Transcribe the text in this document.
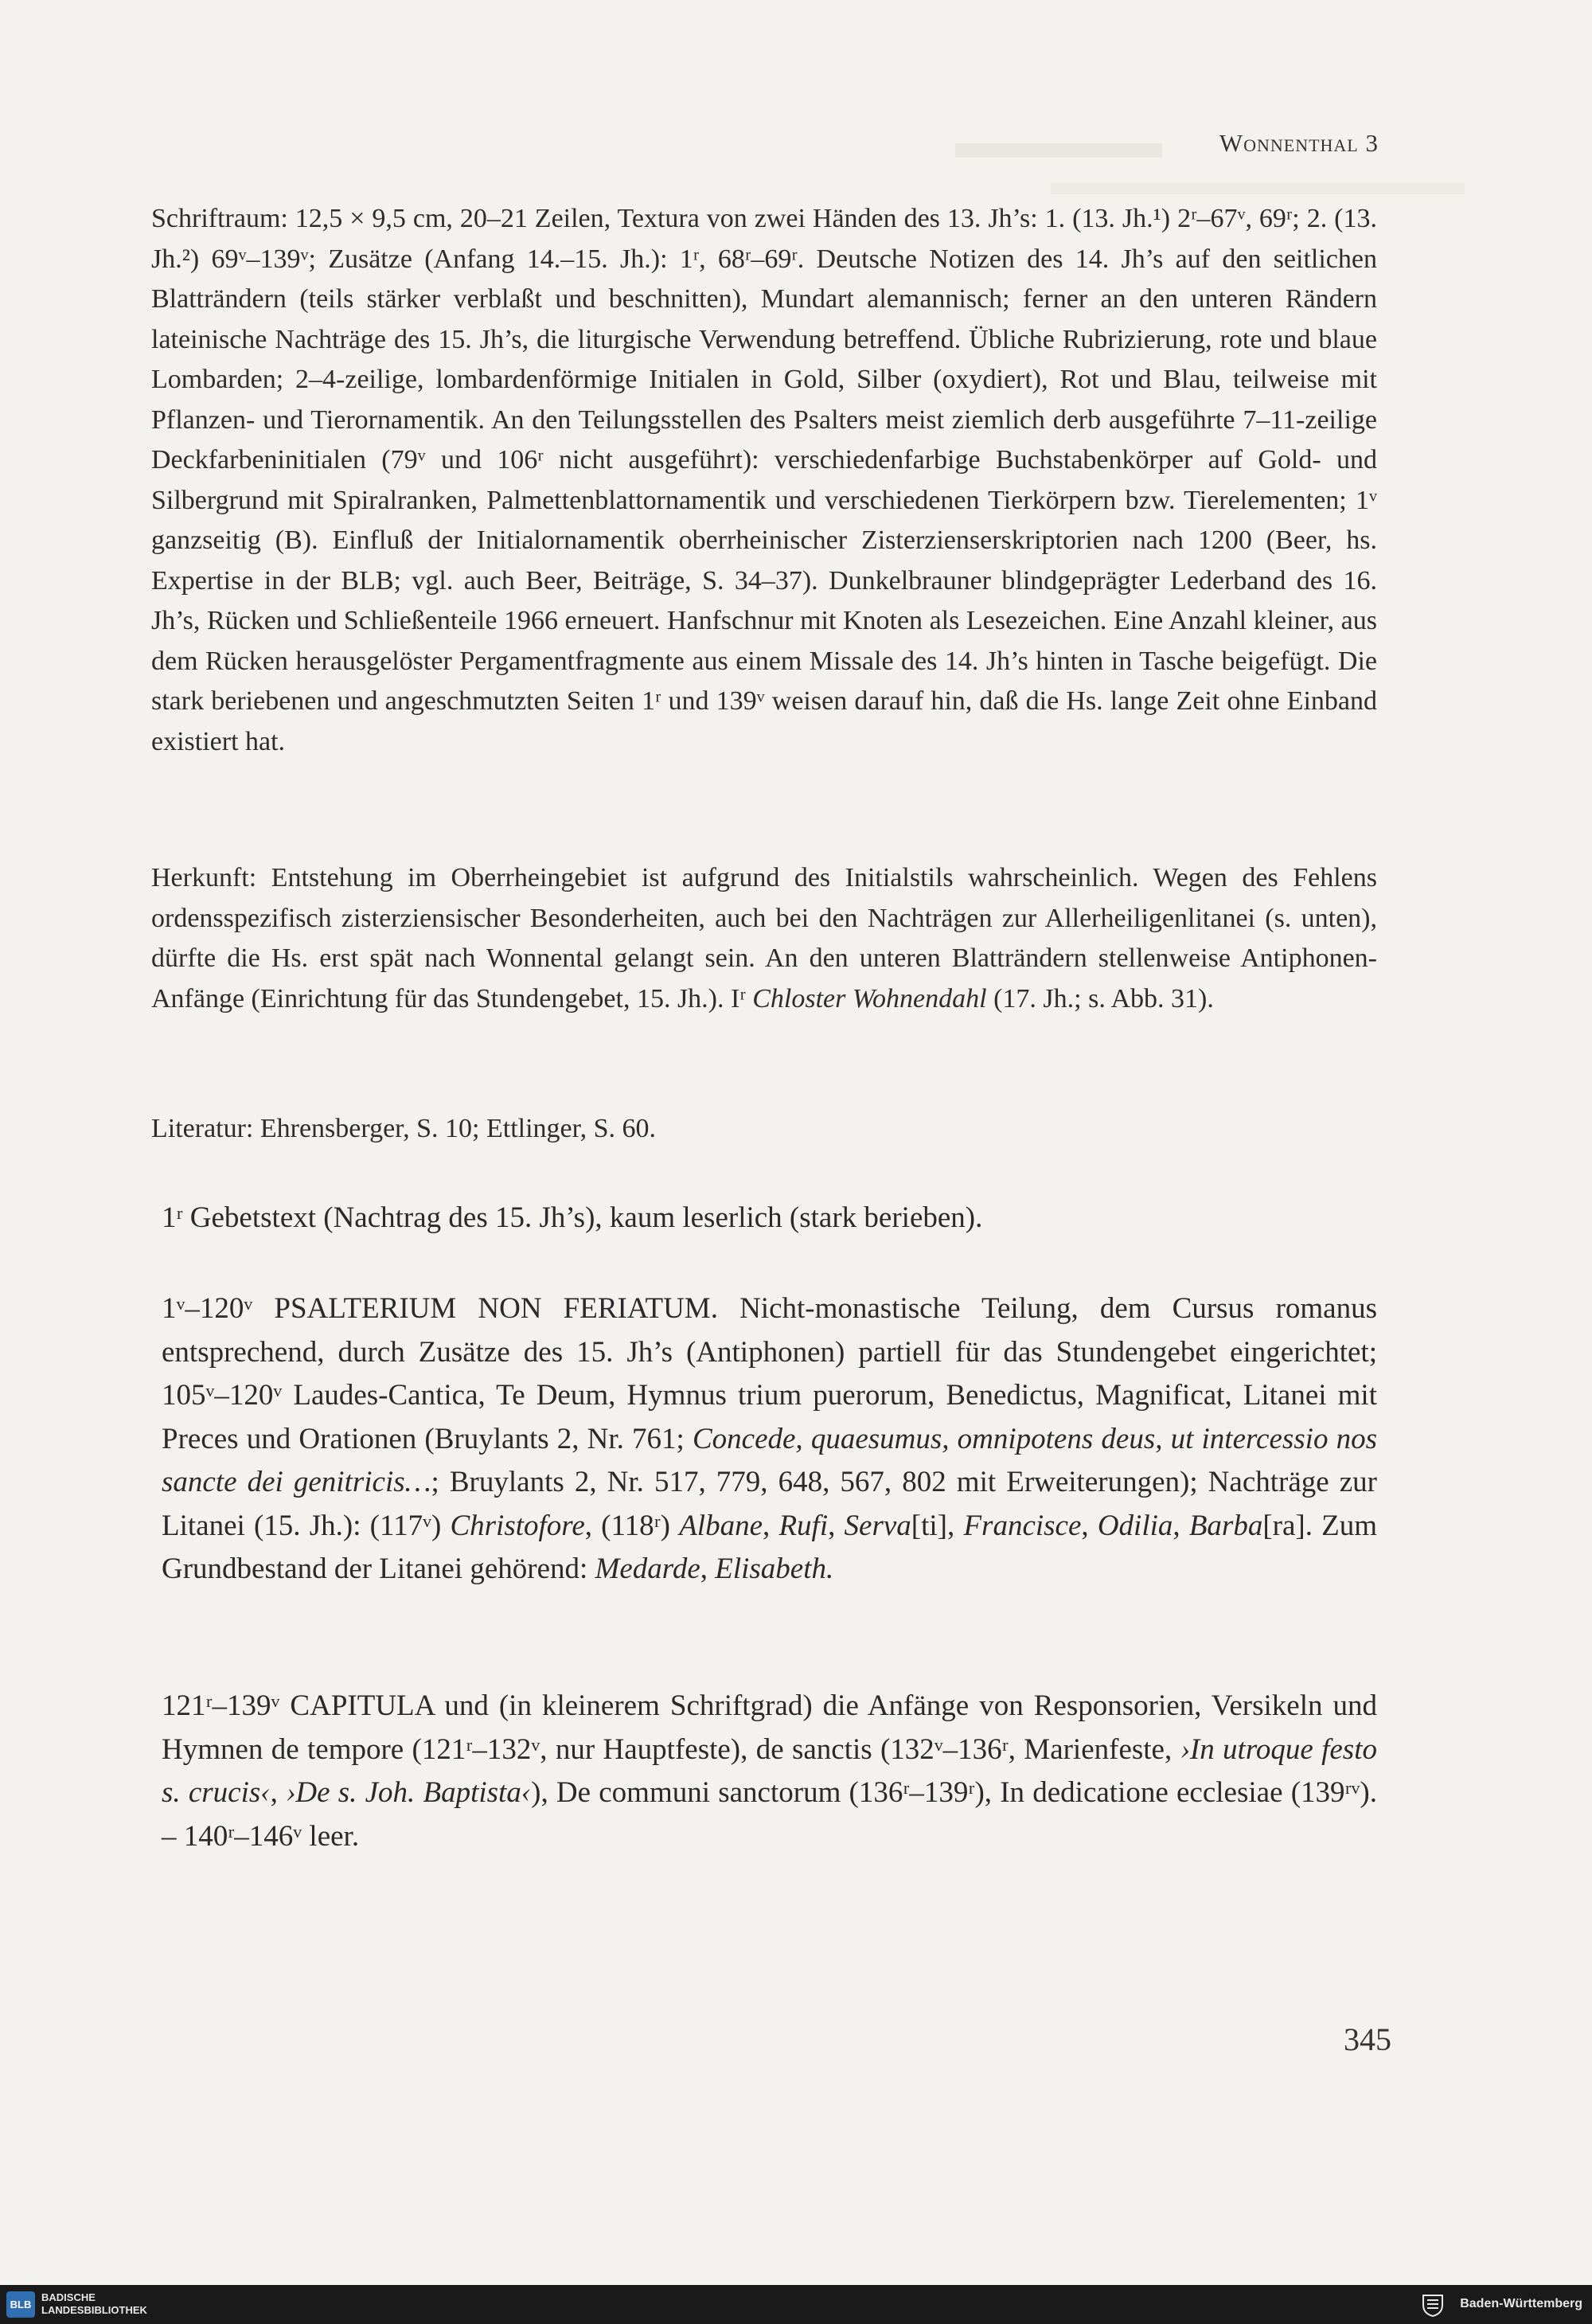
Wonnenthal 3

Schriftraum: 12,5 × 9,5 cm, 20–21 Zeilen, Textura von zwei Händen des 13. Jh’s: 1. (13. Jh.¹) 2ʳ–67ᵛ, 69ʳ; 2. (13. Jh.²) 69ᵛ–139ᵛ; Zusätze (Anfang 14.–15. Jh.): 1ʳ, 68ʳ–69ʳ. Deutsche Notizen des 14. Jh’s auf den seitlichen Blatträndern (teils stärker verblaßt und beschnitten), Mundart alemannisch; ferner an den unteren Rändern lateinische Nachträge des 15. Jh’s, die liturgische Verwendung betreffend. Übliche Rubrizierung, rote und blaue Lombarden; 2–4-zeilige, lombardenförmige Initialen in Gold, Silber (oxydiert), Rot und Blau, teilweise mit Pflanzen- und Tierornamentik. An den Teilungsstellen des Psalters meist ziemlich derb ausgeführte 7–11-zeilige Deckfarbeninitialen (79ᵛ und 106ʳ nicht ausgeführt): verschiedenfarbige Buchstabenkörper auf Gold- und Silbergrund mit Spiralranken, Palmettenblattornamentik und verschiedenen Tierkörpern bzw. Tierelementen; 1ᵛ ganzseitig (B). Einfluß der Initialornamentik oberrheinischer Zisterzienserskriptorien nach 1200 (Beer, hs. Expertise in der BLB; vgl. auch Beer, Beiträge, S. 34–37). Dunkelbrauner blindgeprägter Lederband des 16. Jh’s, Rücken und Schließenteile 1966 erneuert. Hanfschnur mit Knoten als Lesezeichen. Eine Anzahl kleiner, aus dem Rücken herausgelöster Pergamentfragmente aus einem Missale des 14. Jh’s hinten in Tasche beigefügt. Die stark beriebenen und angeschmutzten Seiten 1ʳ und 139ᵛ weisen darauf hin, daß die Hs. lange Zeit ohne Einband existiert hat.

Herkunft: Entstehung im Oberrheingebiet ist aufgrund des Initialstils wahrscheinlich. Wegen des Fehlens ordensspezifisch zisterziensischer Besonderheiten, auch bei den Nachträgen zur Allerheiligenlitanei (s. unten), dürfte die Hs. erst spät nach Wonnental gelangt sein. An den unteren Blatträndern stellenweise Antiphonen-Anfänge (Einrichtung für das Stundengebet, 15. Jh.). Iʳ Chloster Wohnendahl (17. Jh.; s. Abb. 31).

Literatur: Ehrensberger, S. 10; Ettlinger, S. 60.

1ʳ Gebetstext (Nachtrag des 15. Jh’s), kaum leserlich (stark berieben).

1ᵛ–120ᵛ PSALTERIUM NON FERIATUM. Nicht-monastische Teilung, dem Cursus romanus entsprechend, durch Zusätze des 15. Jh’s (Antiphonen) partiell für das Stundengebet eingerichtet; 105ᵛ–120ᵛ Laudes-Cantica, Te Deum, Hymnus trium puerorum, Benedictus, Magnificat, Litanei mit Preces und Orationen (Bruylants 2, Nr. 761; Concede, quaesumus, omnipotens deus, ut intercessio nos sancte dei genitricis…; Bruylants 2, Nr. 517, 779, 648, 567, 802 mit Erweiterungen); Nachträge zur Litanei (15. Jh.): (117ᵛ) Christofore, (118ʳ) Albane, Rufi, Serva[ti], Francisce, Odilia, Barba[ra]. Zum Grundbestand der Litanei gehörend: Medarde, Elisabeth.

121ʳ–139ᵛ CAPITULA und (in kleinerem Schriftgrad) die Anfänge von Responsorien, Versikeln und Hymnen de tempore (121ʳ–132ᵛ, nur Hauptfeste), de sanctis (132ᵛ–136ʳ, Marienfeste, ›In utroque festo s. crucis‹, ›De s. Joh. Baptista‹), De communi sanctorum (136ʳ–139ʳ), In dedicatione ecclesiae (139ʳᵛ). – 140ʳ–146ᵛ leer.

345
BLB
BADISCHE
LANDESBIBLIOTHEK	Baden-Württemberg
